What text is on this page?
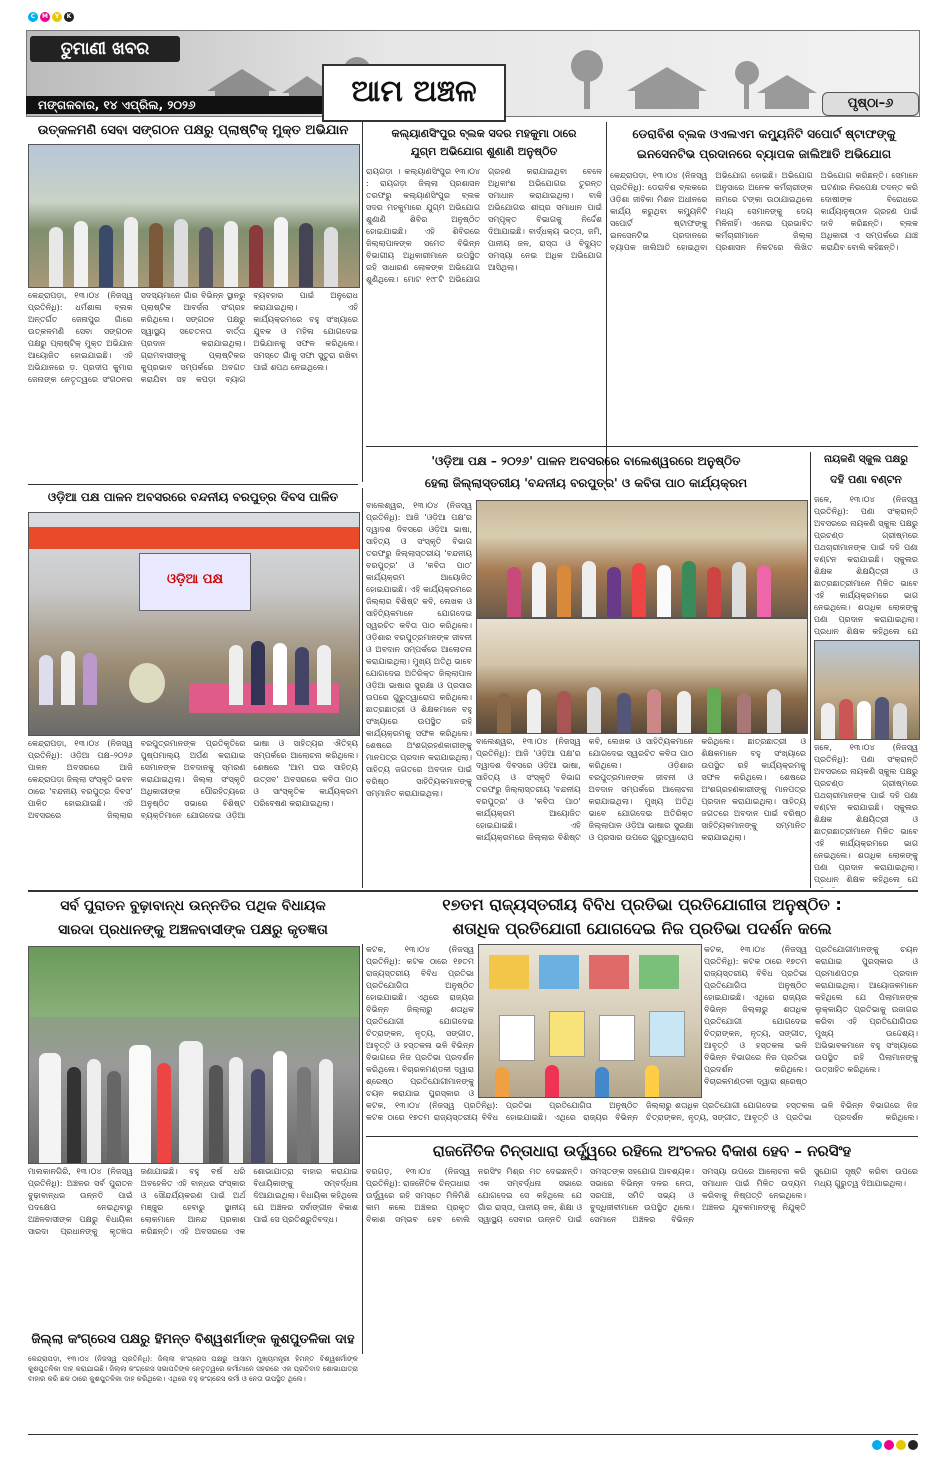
C	M	Y	K
ତୁମାଣୀ ଖବର
ମଙ୍ଗଳବାର, ୧୪ ଏପ୍ରିଲ, ୨୦୨୬	ଆମ ଅଞ୍ଚଳ	ପୃଷ୍ଠା–୬
ଉତ୍କଳମଣି ସେବା ସଙ୍ଗଠନ ପକ୍ଷରୁ ପ୍ଲାଷ୍ଟିକ୍ ମୁକ୍ତ ଅଭିଯାନ
କେନ୍ଦ୍ରାପଡ଼ା, ୧୩।୦୪ (ନିଜସ୍ୱ ପ୍ରତିନିଧି): ଧର୍ମଶାଳା ବ୍ଲକ ଅନ୍ତର୍ଗତ ଜେନାପୁର ଗାଁରେ ଉତ୍କଳମଣି ସେବା ସଙ୍ଗଠନ ପକ୍ଷରୁ ପ୍ଲାଷ୍ଟିକ୍ ମୁକ୍ତ ଅଭିଯାନ ଆୟୋଜିତ ହୋଇଯାଇଛି। ଏହି ଅଭିଯାନରେ ଡ଼. ପ୍ରଦୀପ କୁମାର ଜେନାଙ୍କ ନେତୃତ୍ୱରେ ସଂଗଠନର ସଦସ୍ୟମାନେ ଗାଁର ବିଭିନ୍ନ ସ୍ଥାନରୁ ପ୍ଲାଷ୍ଟିକ ଆବର୍ଜନା ସଂଗ୍ରହ କରିଥିଲେ। ସଙ୍ଗଠନ ପକ୍ଷରୁ ସ୍ୱାସ୍ଥ୍ୟ ସଚେତନତା ବାର୍ତ୍ତା ପ୍ରଦାନ କରାଯାଇଥିଲା। ଗ୍ରାମବାସୀଙ୍କୁ ପ୍ଲାଷ୍ଟିକର କୁପ୍ରଭାବ ସମ୍ପର୍କରେ ଅବଗତ କରାଯିବା ସହ କପଡ଼ା ବ୍ୟାଗ ବ୍ୟବହାର ପାଇଁ ଅନୁରୋଧ କରାଯାଇଥିଲା। ଏହି କାର୍ଯ୍ୟକ୍ରମରେ ବହୁ ସଂଖ୍ୟାରେ ଯୁବକ ଓ ମହିଳା ଯୋଗଦେଇ ଅଭିଯାନକୁ ସଫଳ କରିଥିଲେ। ସମସ୍ତେ ଗାଁକୁ ସଫା ସୁତୁରା ରଖିବା ପାଇଁ ଶପଥ ନେଇଥିଲେ।
କଲ୍ୟାଣସିଂପୁର ବ୍ଲକ ସଦର ମହକୁମା ଠାରେ
ଯୁଗ୍ମ ଅଭିଯୋଗ ଶୁଣାଣି ଅନୁଷ୍ଠିତ
ରାୟଗଡ଼ା । କଲ୍ୟାଣସିଂପୁର ୧୩।୦୪ : ରାୟଗଡ଼ା ଜିଲ୍ଲା ପ୍ରଶାସନ ତରଫରୁ କଲ୍ୟାଣସିଂପୁର ବ୍ଲକ ସଦର ମହକୁମାରେ ଯୁଗ୍ମ ଅଭିଯୋଗ ଶୁଣାଣି ଶିବିର ଅନୁଷ୍ଠିତ ହୋଇଯାଇଛି। ଏହି ଶିବିରରେ ଜିଲ୍ଲାପାଳଙ୍କ ସମେତ ବିଭିନ୍ନ ବିଭାଗୀୟ ଅଧିକାରୀମାନେ ଉପସ୍ଥିତ ରହି ସାଧାରଣ ଲୋକଙ୍କ ଅଭିଯୋଗ ଶୁଣିଥିଲେ। ମୋଟ ୧୯୮ଟି ଅଭିଯୋଗ ଗ୍ରହଣ କରାଯାଇଥିବା ବେଳେ ଅଧିକାଂଶ ଅଭିଯୋଗର ତୁରନ୍ତ ସମାଧାନ କରାଯାଇଥିଲା। ବାକି ଅଭିଯୋଗର ଶୀଘ୍ର ସମାଧାନ ପାଇଁ ସମ୍ପୃକ୍ତ ବିଭାଗକୁ ନିର୍ଦ୍ଦେଶ ଦିଆଯାଇଛି। ବାର୍ଦ୍ଧକ୍ୟ ଭତ୍ତା, ଜମି, ପାନୀୟ ଜଳ, ରାସ୍ତା ଓ ବିଦ୍ୟୁତ ସମସ୍ୟା ନେଇ ଅଧିକ ଅଭିଯୋଗ ଆସିଥିଲା।
ଡେରାବିଶ ବ୍ଲକ ଓଏଲଏମ କମ୍ୟୁନିଟି ସପୋର୍ଟ ଷ୍ଟାଫଙ୍କୁ
ଇନସେନଟିଭ ପ୍ରଦାନରେ ବ୍ୟାପକ ଜାଲିଆତି ଅଭିଯୋଗ
କେନ୍ଦ୍ରାପଡ଼ା, ୧୩।୦୪ (ନିଜସ୍ୱ ପ୍ରତିନିଧି): ଡେରାବିଶ ବ୍ଲକରେ ଓଡ଼ିଶା ଜୀବିକା ମିଶନ ଅଧୀନରେ କାର୍ଯ୍ୟ କରୁଥିବା କମ୍ୟୁନିଟି ସପୋର୍ଟ ଷ୍ଟାଫଙ୍କୁ ଇନସେନଟିଭ ପ୍ରଦାନରେ ବ୍ୟାପକ ଜାଲିଆତି ହୋଇଥିବା ଅଭିଯୋଗ ହୋଇଛି। ଅଭିଯୋଗ ଅନୁସାରେ ଅନେକ କର୍ମଚାରୀଙ୍କ ନାମରେ ଟଙ୍କା ଉଠାଯାଇଥିଲେ ମଧ୍ୟ ସେମାନଙ୍କୁ ଦେୟ ମିଳିନାହିଁ। ଏନେଇ ପ୍ରଭାବିତ କର୍ମଚାରୀମାନେ ଜିଲ୍ଲା ପ୍ରଶାସନ ନିକଟରେ ଲିଖିତ ଅଭିଯୋଗ କରିଛନ୍ତି। ସେମାନେ ଘଟଣାର ନିରପେକ୍ଷ ତଦନ୍ତ କରି ଦୋଷୀଙ୍କ ବିରୋଧରେ କାର୍ଯ୍ୟାନୁଷ୍ଠାନ ଗ୍ରହଣ ପାଇଁ ଦାବି କରିଛନ୍ତି। ବ୍ଲକ ଅଧିକାରୀ ଏ ସମ୍ପର୍କରେ ଯାଞ୍ଚ କରାଯିବ ବୋଲି କହିଛନ୍ତି।
'ଓଡ଼ିଆ ପକ୍ଷ – ୨୦୨୬' ପାଳନ ଅବସରରେ ବାଲେଶ୍ୱରରେ ଅନୁଷ୍ଠିତ
ହେଲା ଜିଲ୍ଲାସ୍ତରୀୟ 'ବନ୍ଦନୀୟ ବରପୁତ୍ର' ଓ କବିତା ପାଠ କାର୍ଯ୍ୟକ୍ରମ
ବାଲେଶ୍ୱର, ୧୩।୦୪ (ନିଜସ୍ୱ ପ୍ରତିନିଧି): ଆଜି 'ଓଡ଼ିଆ ପକ୍ଷ'ର ଦ୍ୱାଦଶ ଦିବସରେ ଓଡ଼ିଆ ଭାଷା, ସାହିତ୍ୟ ଓ ସଂସ୍କୃତି ବିଭାଗ ତରଫରୁ ଜିଲ୍ଲାସ୍ତରୀୟ 'ବନ୍ଦନୀୟ ବରପୁତ୍ର' ଓ 'କବିତା ପାଠ' କାର୍ଯ୍ୟକ୍ରମ ଆୟୋଜିତ ହୋଇଯାଇଛି। ଏହି କାର୍ଯ୍ୟକ୍ରମରେ ଜିଲ୍ଲାର ବିଶିଷ୍ଟ କବି, ଲେଖକ ଓ ସାହିତ୍ୟିକମାନେ ଯୋଗଦେଇ ସ୍ୱରଚିତ କବିତା ପାଠ କରିଥିଲେ। ଓଡ଼ିଶାର ବରପୁତ୍ରମାନଙ୍କ ଜୀବନୀ ଓ ଅବଦାନ ସମ୍ପର୍କରେ ଆଲୋଚନା କରାଯାଇଥିଲା। ମୁଖ୍ୟ ଅତିଥି ଭାବେ ଯୋଗଦେଇ ଅତିରିକ୍ତ ଜିଲ୍ଲାପାଳ ଓଡ଼ିଆ ଭାଷାର ସୁରକ୍ଷା ଓ ପ୍ରସାର ଉପରେ ଗୁରୁତ୍ୱାରୋପ କରିଥିଲେ। ଛାତ୍ରଛାତ୍ରୀ ଓ ଶିକ୍ଷକମାନେ ବହୁ ସଂଖ୍ୟାରେ ଉପସ୍ଥିତ ରହି କାର୍ଯ୍ୟକ୍ରମକୁ ସଫଳ କରିଥିଲେ। ଶେଷରେ ଅଂଶଗ୍ରହଣକାରୀଙ୍କୁ ମାନପତ୍ର ପ୍ରଦାନ କରାଯାଇଥିଲା। ସାହିତ୍ୟ ଜଗତରେ ଅବଦାନ ପାଇଁ ବରିଷ୍ଠ ସାହିତ୍ୟିକମାନଙ୍କୁ ସମ୍ମାନିତ କରାଯାଇଥିଲା।
ବାଲେଶ୍ୱର, ୧୩।୦୪ (ନିଜସ୍ୱ ପ୍ରତିନିଧି): ଆଜି 'ଓଡ଼ିଆ ପକ୍ଷ'ର ଦ୍ୱାଦଶ ଦିବସରେ ଓଡ଼ିଆ ଭାଷା, ସାହିତ୍ୟ ଓ ସଂସ୍କୃତି ବିଭାଗ ତରଫରୁ ଜିଲ୍ଲାସ୍ତରୀୟ 'ବନ୍ଦନୀୟ ବରପୁତ୍ର' ଓ 'କବିତା ପାଠ' କାର୍ଯ୍ୟକ୍ରମ ଆୟୋଜିତ ହୋଇଯାଇଛି। ଏହି କାର୍ଯ୍ୟକ୍ରମରେ ଜିଲ୍ଲାର ବିଶିଷ୍ଟ କବି, ଲେଖକ ଓ ସାହିତ୍ୟିକମାନେ ଯୋଗଦେଇ ସ୍ୱରଚିତ କବିତା ପାଠ କରିଥିଲେ। ଓଡ଼ିଶାର ବରପୁତ୍ରମାନଙ୍କ ଜୀବନୀ ଓ ଅବଦାନ ସମ୍ପର୍କରେ ଆଲୋଚନା କରାଯାଇଥିଲା। ମୁଖ୍ୟ ଅତିଥି ଭାବେ ଯୋଗଦେଇ ଅତିରିକ୍ତ ଜିଲ୍ଲାପାଳ ଓଡ଼ିଆ ଭାଷାର ସୁରକ୍ଷା ଓ ପ୍ରସାର ଉପରେ ଗୁରୁତ୍ୱାରୋପ କରିଥିଲେ। ଛାତ୍ରଛାତ୍ରୀ ଓ ଶିକ୍ଷକମାନେ ବହୁ ସଂଖ୍ୟାରେ ଉପସ୍ଥିତ ରହି କାର୍ଯ୍ୟକ୍ରମକୁ ସଫଳ କରିଥିଲେ। ଶେଷରେ ଅଂଶଗ୍ରହଣକାରୀଙ୍କୁ ମାନପତ୍ର ପ୍ରଦାନ କରାଯାଇଥିଲା। ସାହିତ୍ୟ ଜଗତରେ ଅବଦାନ ପାଇଁ ବରିଷ୍ଠ ସାହିତ୍ୟିକମାନଙ୍କୁ ସମ୍ମାନିତ କରାଯାଇଥିଲା।
ନାୟକଣି ସ୍କୁଲ ପକ୍ଷରୁ
ଦହି ପଣା ବଣ୍ଟନ
ଜଳେ, ୧୩।୦୪ (ନିଜସ୍ୱ ପ୍ରତିନିଧି): ପଣା ସଂକ୍ରାନ୍ତି ଅବସରରେ ନାୟକଣି ସ୍କୁଲ ପକ୍ଷରୁ ପ୍ରଚଣ୍ଡ ଗ୍ରୀଷ୍ମରେ ପଥଚାରୀମାନଙ୍କ ପାଇଁ ଦହି ପଣା ବଣ୍ଟନ କରାଯାଇଛି। ସ୍କୁଲର ଶିକ୍ଷକ ଶିକ୍ଷୟିତ୍ରୀ ଓ ଛାତ୍ରଛାତ୍ରୀମାନେ ମିଳିତ ଭାବେ ଏହି କାର୍ଯ୍ୟକ୍ରମରେ ଭାଗ ନେଇଥିଲେ। ଶତାଧିକ ଲୋକଙ୍କୁ ପଣା ପ୍ରଦାନ କରାଯାଇଥିଲା। ପ୍ରଧାନ ଶିକ୍ଷକ କହିଥିଲେ ଯେ
ଜଳେ, ୧୩।୦୪ (ନିଜସ୍ୱ ପ୍ରତିନିଧି): ପଣା ସଂକ୍ରାନ୍ତି ଅବସରରେ ନାୟକଣି ସ୍କୁଲ ପକ୍ଷରୁ ପ୍ରଚଣ୍ଡ ଗ୍ରୀଷ୍ମରେ ପଥଚାରୀମାନଙ୍କ ପାଇଁ ଦହି ପଣା ବଣ୍ଟନ କରାଯାଇଛି। ସ୍କୁଲର ଶିକ୍ଷକ ଶିକ୍ଷୟିତ୍ରୀ ଓ ଛାତ୍ରଛାତ୍ରୀମାନେ ମିଳିତ ଭାବେ ଏହି କାର୍ଯ୍ୟକ୍ରମରେ ଭାଗ ନେଇଥିଲେ। ଶତାଧିକ ଲୋକଙ୍କୁ ପଣା ପ୍ରଦାନ କରାଯାଇଥିଲା। ପ୍ରଧାନ ଶିକ୍ଷକ କହିଥିଲେ ଯେ
ଓଡ଼ିଆ ପକ୍ଷ ପାଳନ ଅବସରରେ ବନ୍ଦନୀୟ ବରପୁତ୍ର ଦିବସ ପାଳିତ
ଓଡ଼ିଆ ପକ୍ଷ
କେନ୍ଦ୍ରାପଡ଼ା, ୧୩।୦୪ (ନିଜସ୍ୱ ପ୍ରତିନିଧି): ଓଡ଼ିଆ ପକ୍ଷ–୨୦୨୬ ପାଳନ ଅବସରରେ ଆଜି କେନ୍ଦ୍ରାପଡ଼ା ଜିଲ୍ଲା ସଂସ୍କୃତି ଭବନ ଠାରେ 'ବନ୍ଦନୀୟ ବରପୁତ୍ର ଦିବସ' ପାଳିତ ହୋଇଯାଇଛି। ଏହି ଅବସରରେ ଜିଲ୍ଲାର ବରପୁତ୍ରମାନଙ୍କ ପ୍ରତିକୃତିରେ ପୁଷ୍ପମାଲ୍ୟ ଅର୍ପଣ କରାଯାଇ ସେମାନଙ୍କ ଅବଦାନକୁ ସ୍ମରଣ କରାଯାଇଥିଲା। ଜିଲ୍ଲା ସଂସ୍କୃତି ଅଧିକାରୀଙ୍କ ପୌରହିତ୍ୟରେ ଅନୁଷ୍ଠିତ ସଭାରେ ବିଶିଷ୍ଟ ବ୍ୟକ୍ତିମାନେ ଯୋଗଦେଇ ଓଡ଼ିଆ ଭାଷା ଓ ସାହିତ୍ୟର ଐତିହ୍ୟ ସମ୍ପର୍କରେ ଆଲୋଚନା କରିଥିଲେ। ଶେଷରେ 'ଆମ ଘର ସାହିତ୍ୟ ଉତ୍ସବ' ଅବସରରେ କବିତା ପାଠ ଓ ସାଂସ୍କୃତିକ କାର୍ଯ୍ୟକ୍ରମ ପରିବେଷଣ କରାଯାଇଥିଲା।
୧୭ତମ ରାଜ୍ୟସ୍ତରୀୟ ବିବିଧ ପ୍ରତିଭା ପ୍ରତିଯୋଗୀତା ଅନୁଷ୍ଠିତ :
ଶତାଧିକ ପ୍ରତିଯୋଗୀ ଯୋଗଦେଇ ନିଜ ପ୍ରତିଭା ପଦର୍ଶନ କଲେ
କଟକ, ୧୩।୦୪ (ନିଜସ୍ୱ ପ୍ରତିନିଧି): କଟକ ଠାରେ ୧୭ତମ ରାଜ୍ୟସ୍ତରୀୟ ବିବିଧ ପ୍ରତିଭା ପ୍ରତିଯୋଗିତା ଅନୁଷ୍ଠିତ ହୋଇଯାଇଛି। ଏଥିରେ ରାଜ୍ୟର ବିଭିନ୍ନ ଜିଲ୍ଲାରୁ ଶତାଧିକ ପ୍ରତିଯୋଗୀ ଯୋଗଦେଇ ଚିତ୍ରାଙ୍କନ, ନୃତ୍ୟ, ସଙ୍ଗୀତ, ଆବୃତ୍ତି ଓ ହସ୍ତକଳା ଭଳି ବିଭିନ୍ନ ବିଭାଗରେ ନିଜ ପ୍ରତିଭା ପ୍ରଦର୍ଶନ କରିଥିଲେ। ବିଚାରକମଣ୍ଡଳୀ ଦ୍ୱାରା ଶ୍ରେଷ୍ଠ ପ୍ରତିଯୋଗୀମାନଙ୍କୁ ଚୟନ କରାଯାଇ ପୁରସ୍କାର ଓ
କଟକ, ୧୩।୦୪ (ନିଜସ୍ୱ ପ୍ରତିନିଧି): କଟକ ଠାରେ ୧୭ତମ ରାଜ୍ୟସ୍ତରୀୟ ବିବିଧ ପ୍ରତିଭା ପ୍ରତିଯୋଗିତା ଅନୁଷ୍ଠିତ ହୋଇଯାଇଛି। ଏଥିରେ ରାଜ୍ୟର ବିଭିନ୍ନ ଜିଲ୍ଲାରୁ ଶତାଧିକ ପ୍ରତିଯୋଗୀ ଯୋଗଦେଇ ଚିତ୍ରାଙ୍କନ, ନୃତ୍ୟ, ସଙ୍ଗୀତ, ଆବୃତ୍ତି ଓ ହସ୍ତକଳା ଭଳି ବିଭିନ୍ନ ବିଭାଗରେ ନିଜ ପ୍ରତିଭା ପ୍ରଦର୍ଶନ କରିଥିଲେ। ବିଚାରକମଣ୍ଡଳୀ ଦ୍ୱାରା ଶ୍ରେଷ୍ଠ ପ୍ରତିଯୋଗୀମାନଙ୍କୁ ଚୟନ କରାଯାଇ ପୁରସ୍କାର ଓ ପ୍ରମାଣପତ୍ର ପ୍ରଦାନ କରାଯାଇଥିଲା। ଆୟୋଜକମାନେ କହିଥିଲେ ଯେ ପିଲାମାନଙ୍କ ଲୁକ୍କାୟିତ ପ୍ରତିଭାକୁ ଉଜାଗର କରିବା ଏହି ପ୍ରତିଯୋଗିତାର ମୁଖ୍ୟ ଉଦ୍ଦେଶ୍ୟ। ଅଭିଭାବକମାନେ ବହୁ ସଂଖ୍ୟାରେ ଉପସ୍ଥିତ ରହି ପିଲାମାନଙ୍କୁ ଉତ୍ସାହିତ କରିଥିଲେ।
କଟକ, ୧୩।୦୪ (ନିଜସ୍ୱ ପ୍ରତିନିଧି): କଟକ ଠାରେ ୧୭ତମ ରାଜ୍ୟସ୍ତରୀୟ ବିବିଧ ପ୍ରତିଭା ପ୍ରତିଯୋଗିତା ଅନୁଷ୍ଠିତ ହୋଇଯାଇଛି। ଏଥିରେ ରାଜ୍ୟର ବିଭିନ୍ନ ଜିଲ୍ଲାରୁ ଶତାଧିକ ପ୍ରତିଯୋଗୀ ଯୋଗଦେଇ ଚିତ୍ରାଙ୍କନ, ନୃତ୍ୟ, ସଙ୍ଗୀତ, ଆବୃତ୍ତି ଓ ହସ୍ତକଳା ଭଳି ବିଭିନ୍ନ ବିଭାଗରେ ନିଜ ପ୍ରତିଭା ପ୍ରଦର୍ଶନ କରିଥିଲେ।
ସର୍ବ ପୁରାତନ ବୁଢ଼ାବାନ୍ଧ ଉନ୍ନତିର ପଥିକ ବିଧାୟକ
ସାରଦା ପ୍ରଧାନଙ୍କୁ ଅଞ୍ଚଳବାସୀଙ୍କ ପକ୍ଷରୁ କୃତଜ୍ଞତା
ମାଲକାନଗିରି, ୧୩।୦୪ (ନିଜସ୍ୱ ପ୍ରତିନିଧି): ଅଞ୍ଚଳର ସର୍ବ ପୁରାତନ ବୁଢ଼ାବାନ୍ଧର ଉନ୍ନତି ପାଇଁ ପଦକ୍ଷେପ ନେଇଥିବାରୁ ଅଞ୍ଚଳବାସୀଙ୍କ ପକ୍ଷରୁ ବିଧାୟିକା ସାରଦା ପ୍ରଧାନଙ୍କୁ କୃତଜ୍ଞତା ଜଣାଯାଇଛି। ବହୁ ବର୍ଷ ଧରି ଅବହେଳିତ ଏହି ବାନ୍ଧର ସଂସ୍କାର ଓ ସୌନ୍ଦର୍ଯ୍ୟକରଣ ପାଇଁ ଅର୍ଥ ମଞ୍ଜୁର ହେବାରୁ ସ୍ଥାନୀୟ ଲୋକମାନେ ଆନନ୍ଦ ପ୍ରକାଶ କରିଛନ୍ତି। ଏହି ଅବସରରେ ଏକ ଶୋଭାଯାତ୍ରା ବାହାର କରାଯାଇ ବିଧାୟିକାଙ୍କୁ ସମ୍ବର୍ଦ୍ଧନା ଦିଆଯାଇଥିଲା। ବିଧାୟିକା କହିଥିଲେ ଯେ ଅଞ୍ଚଳର ସର୍ବାଙ୍ଗୀନ ବିକାଶ ପାଇଁ ସେ ପ୍ରତିଶ୍ରୁତିବଦ୍ଧ।
ରାଜନୈତିକ ଚିନ୍ତାଧାରା ଉର୍ଦ୍ଧ୍ୱରେ ରହିଲେ ଅଂଚଳର ବିକାଶ ହେବ – ନରସିଂହ
ବରଗଡ଼, ୧୩।୦୪ (ନିଜସ୍ୱ ପ୍ରତିନିଧି): ରାଜନୈତିକ ଚିନ୍ତାଧାରା ଉର୍ଦ୍ଧ୍ୱରେ ରହି ସମସ୍ତେ ମିଳିମିଶି କାମ କଲେ ଅଞ୍ଚଳର ପ୍ରକୃତ ବିକାଶ ସମ୍ଭବ ହେବ ବୋଲି ନରସିଂହ ମିଶ୍ର ମତ ଦେଇଛନ୍ତି। ଏକ ସମ୍ବର୍ଦ୍ଧନା ସଭାରେ ଯୋଗଦେଇ ସେ କହିଥିଲେ ଯେ ଗାଁର ରାସ୍ତା, ପାନୀୟ ଜଳ, ଶିକ୍ଷା ଓ ସ୍ୱାସ୍ଥ୍ୟ ସେବାର ଉନ୍ନତି ପାଇଁ ସମସ୍ତଙ୍କ ସହଯୋଗ ଆବଶ୍ୟକ। ସଭାରେ ବିଭିନ୍ନ ଦଳର ନେତା, ସରପଞ୍ଚ, ସମିତି ସଭ୍ୟ ଓ ବୁଦ୍ଧିଜୀବୀମାନେ ଉପସ୍ଥିତ ଥିଲେ। ସେମାନେ ଅଞ୍ଚଳର ବିଭିନ୍ନ ସମସ୍ୟା ଉପରେ ଆଲୋଚନା କରି ସମାଧାନ ପାଇଁ ମିଳିତ ଉଦ୍ୟମ କରିବାକୁ ନିଷ୍ପତ୍ତି ନେଇଥିଲେ। ଅଞ୍ଚଳର ଯୁବକମାନଙ୍କୁ ନିଯୁକ୍ତି ସୁଯୋଗ ସୃଷ୍ଟି କରିବା ଉପରେ ମଧ୍ୟ ଗୁରୁତ୍ୱ ଦିଆଯାଇଥିଲା।
ଜିଲ୍ଲା କଂଗ୍ରେସ ପକ୍ଷରୁ ହିମନ୍ତ ବିଶ୍ୱଶର୍ମାଙ୍କ କୁଶପୁତଳିକା ଦାହ
କେନ୍ଦ୍ରାପଡ଼ା, ୧୩।୦୪ (ନିଜସ୍ୱ ପ୍ରତିନିଧି): ଜିଲ୍ଲା କଂଗ୍ରେସ ପକ୍ଷରୁ ଆସାମ ମୁଖ୍ୟମନ୍ତ୍ରୀ ହିମନ୍ତ ବିଶ୍ୱଶର୍ମାଙ୍କ କୁଶପୁତଳିକା ଦାହ କରାଯାଇଛି। ଜିଲ୍ଲା କଂଗ୍ରେସ ସଭାପତିଙ୍କ ନେତୃତ୍ୱରେ କର୍ମୀମାନେ ସହରରେ ଏକ ପ୍ରତିବାଦ ଶୋଭାଯାତ୍ରା ବାହାର କରି ଛକ ଠାରେ କୁଶପୁତଳିକା ଦାହ କରିଥିଲେ। ଏଥିରେ ବହୁ କଂଗ୍ରେସ କର୍ମୀ ଓ ନେତା ଉପସ୍ଥିତ ଥିଲେ।
